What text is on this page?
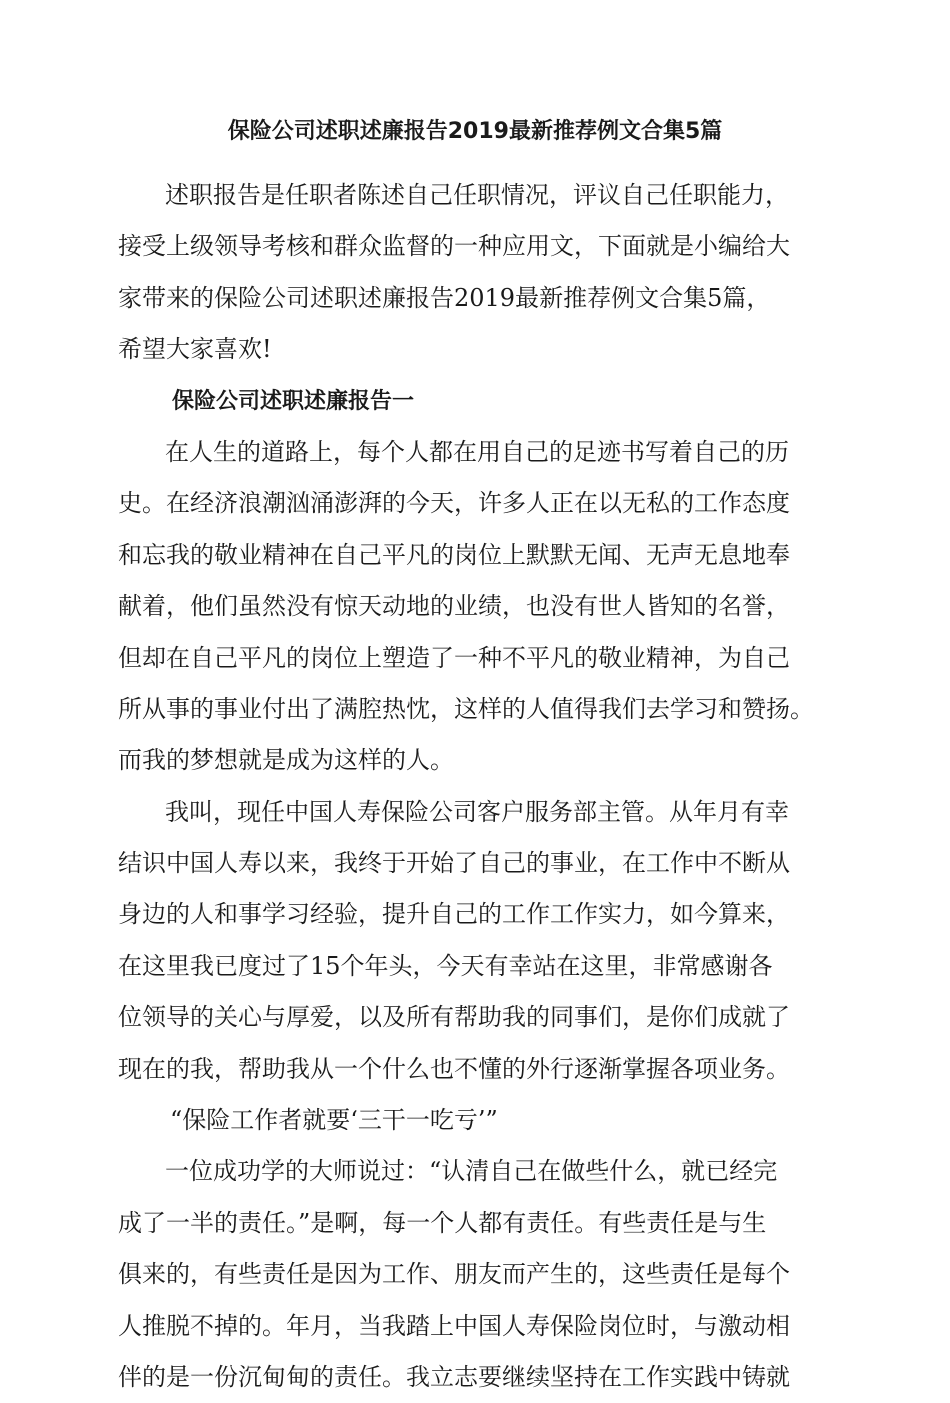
保险公司述职述廉报告2019最新推荐例文合集5篇
述职报告是任职者陈述自己任职情况，评议自己任职能力，
接受上级领导考核和群众监督的一种应用文，下面就是小编给大
家带来的保险公司述职述廉报告2019最新推荐例文合集5篇，
希望大家喜欢!
保险公司述职述廉报告一
在人生的道路上，每个人都在用自己的足迹书写着自己的历
史。在经济浪潮汹涌澎湃的今天，许多人正在以无私的工作态度
和忘我的敬业精神在自己平凡的岗位上默默无闻、无声无息地奉
献着，他们虽然没有惊天动地的业绩，也没有世人皆知的名誉，
但却在自己平凡的岗位上塑造了一种不平凡的敬业精神，为自己
所从事的事业付出了满腔热忱，这样的人值得我们去学习和赞扬。
而我的梦想就是成为这样的人。
我叫，现任中国人寿保险公司客户服务部主管。从年月有幸
结识中国人寿以来，我终于开始了自己的事业，在工作中不断从
身边的人和事学习经验，提升自己的工作工作实力，如今算来，
在这里我已度过了15个年头，今天有幸站在这里，非常感谢各
位领导的关心与厚爱，以及所有帮助我的同事们，是你们成就了
现在的我，帮助我从一个什么也不懂的外行逐渐掌握各项业务。
“保险工作者就要‘三干一吃亏’”
一位成功学的大师说过：“认清自己在做些什么，就已经完
成了一半的责任。”是啊，每一个人都有责任。有些责任是与生
俱来的，有些责任是因为工作、朋友而产生的，这些责任是每个
人推脱不掉的。年月，当我踏上中国人寿保险岗位时，与激动相
伴的是一份沉甸甸的责任。我立志要继续坚持在工作实践中铸就
